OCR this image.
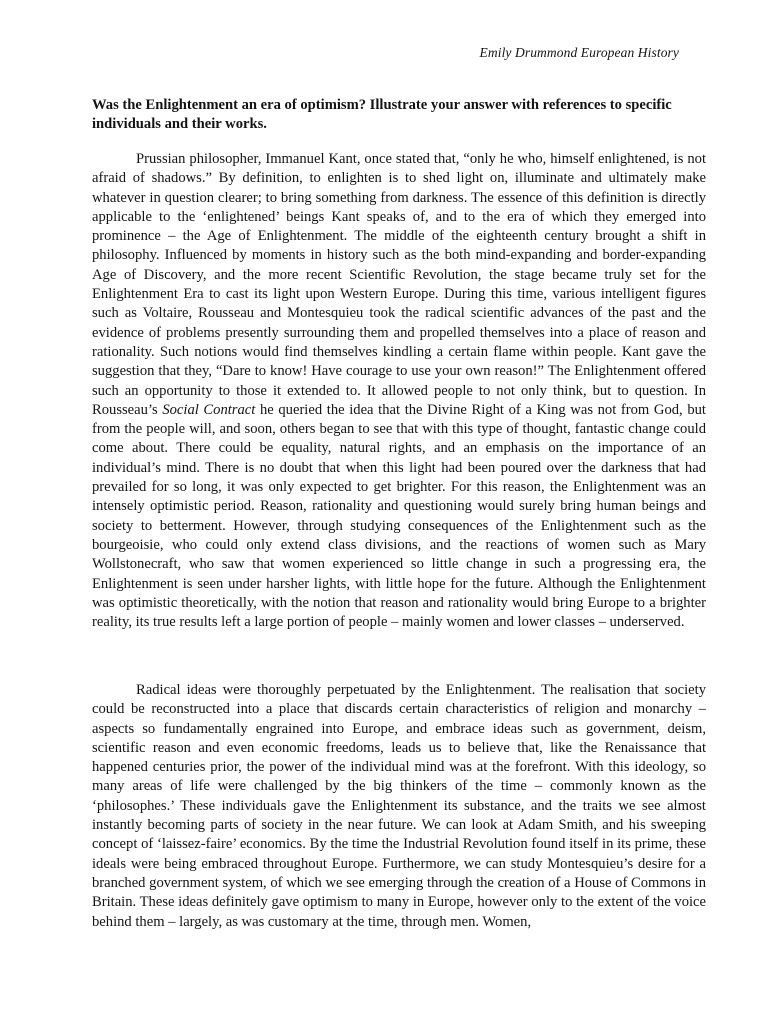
Emily Drummond European History
Was the Enlightenment an era of optimism? Illustrate your answer with references to specific individuals and their works.

Prussian philosopher, Immanuel Kant, once stated that, “only he who, himself enlightened, is not afraid of shadows.” By definition, to enlighten is to shed light on, illuminate and ultimately make whatever in question clearer; to bring something from darkness. The essence of this definition is directly applicable to the ‘enlightened’ beings Kant speaks of, and to the era of which they emerged into prominence – the Age of Enlightenment. The middle of the eighteenth century brought a shift in philosophy. Influenced by moments in history such as the both mind-expanding and border-expanding Age of Discovery, and the more recent Scientific Revolution, the stage became truly set for the Enlightenment Era to cast its light upon Western Europe. During this time, various intelligent figures such as Voltaire, Rousseau and Montesquieu took the radical scientific advances of the past and the evidence of problems presently surrounding them and propelled themselves into a place of reason and rationality. Such notions would find themselves kindling a certain flame within people. Kant gave the suggestion that they, “Dare to know! Have courage to use your own reason!” The Enlightenment offered such an opportunity to those it extended to. It allowed people to not only think, but to question. In Rousseau’s Social Contract he queried the idea that the Divine Right of a King was not from God, but from the people will, and soon, others began to see that with this type of thought, fantastic change could come about. There could be equality, natural rights, and an emphasis on the importance of an individual’s mind. There is no doubt that when this light had been poured over the darkness that had prevailed for so long, it was only expected to get brighter. For this reason, the Enlightenment was an intensely optimistic period. Reason, rationality and questioning would surely bring human beings and society to betterment. However, through studying consequences of the Enlightenment such as the bourgeoisie, who could only extend class divisions, and the reactions of women such as Mary Wollstonecraft, who saw that women experienced so little change in such a progressing era, the Enlightenment is seen under harsher lights, with little hope for the future. Although the Enlightenment was optimistic theoretically, with the notion that reason and rationality would bring Europe to a brighter reality, its true results left a large portion of people – mainly women and lower classes – underserved.

Radical ideas were thoroughly perpetuated by the Enlightenment. The realisation that society could be reconstructed into a place that discards certain characteristics of religion and monarchy – aspects so fundamentally engrained into Europe, and embrace ideas such as government, deism, scientific reason and even economic freedoms, leads us to believe that, like the Renaissance that happened centuries prior, the power of the individual mind was at the forefront. With this ideology, so many areas of life were challenged by the big thinkers of the time – commonly known as the ‘philosophes.’ These individuals gave the Enlightenment its substance, and the traits we see almost instantly becoming parts of society in the near future. We can look at Adam Smith, and his sweeping concept of ‘laissez-faire’ economics. By the time the Industrial Revolution found itself in its prime, these ideals were being embraced throughout Europe. Furthermore, we can study Montesquieu’s desire for a branched government system, of which we see emerging through the creation of a House of Commons in Britain. These ideas definitely gave optimism to many in Europe, however only to the extent of the voice behind them – largely, as was customary at the time, through men. Women,
